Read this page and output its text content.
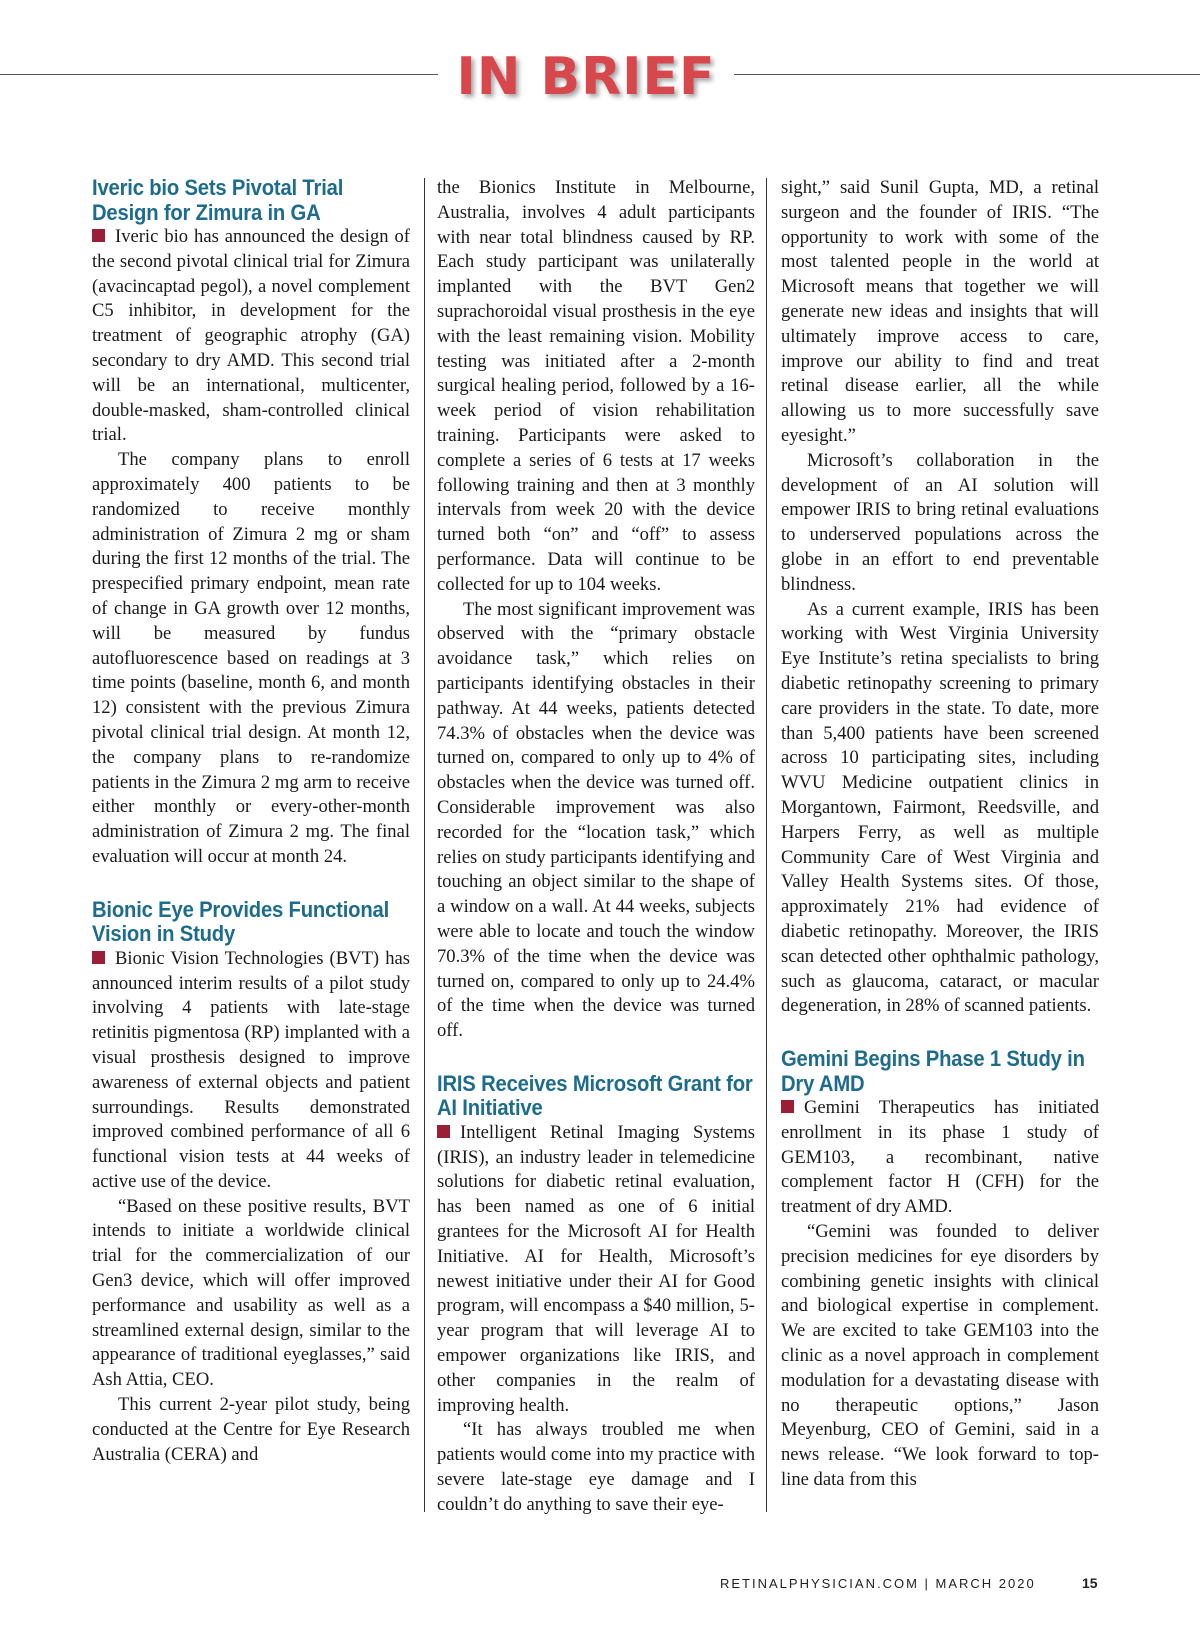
IN BRIEF
Iveric bio Sets Pivotal Trial Design for Zimura in GA

Iveric bio has announced the design of the second pivotal clinical trial for Zimura (avacincaptad pegol), a novel complement C5 inhibitor, in development for the treatment of geographic atrophy (GA) secondary to dry AMD. This second trial will be an international, multicenter, double-masked, sham-controlled clinical trial.

The company plans to enroll approximately 400 patients to be randomized to receive monthly administration of Zimura 2 mg or sham during the first 12 months of the trial. The prespecified primary endpoint, mean rate of change in GA growth over 12 months, will be measured by fundus autofluorescence based on readings at 3 time points (baseline, month 6, and month 12) consistent with the previous Zimura pivotal clinical trial design. At month 12, the company plans to re-randomize patients in the Zimura 2 mg arm to receive either monthly or every-other-month administration of Zimura 2 mg. The final evaluation will occur at month 24.

Bionic Eye Provides Functional Vision in Study

Bionic Vision Technologies (BVT) has announced interim results of a pilot study involving 4 patients with late-stage retinitis pigmentosa (RP) implanted with a visual prosthesis designed to improve awareness of external objects and patient surroundings. Results demonstrated improved combined performance of all 6 functional vision tests at 44 weeks of active use of the device.

“Based on these positive results, BVT intends to initiate a worldwide clinical trial for the commercialization of our Gen3 device, which will offer improved performance and usability as well as a streamlined external design, similar to the appearance of traditional eyeglasses,” said Ash Attia, CEO.

This current 2-year pilot study, being conducted at the Centre for Eye Research Australia (CERA) and

the Bionics Institute in Melbourne, Australia, involves 4 adult participants with near total blindness caused by RP. Each study participant was unilaterally implanted with the BVT Gen2 suprachoroidal visual prosthesis in the eye with the least remaining vision. Mobility testing was initiated after a 2-month surgical healing period, followed by a 16-week period of vision rehabilitation training. Participants were asked to complete a series of 6 tests at 17 weeks following training and then at 3 monthly intervals from week 20 with the device turned both “on” and “off” to assess performance. Data will continue to be collected for up to 104 weeks.

The most significant improvement was observed with the “primary obstacle avoidance task,” which relies on participants identifying obstacles in their pathway. At 44 weeks, patients detected 74.3% of obstacles when the device was turned on, compared to only up to 4% of obstacles when the device was turned off. Considerable improvement was also recorded for the “location task,” which relies on study participants identifying and touching an object similar to the shape of a window on a wall. At 44 weeks, subjects were able to locate and touch the window 70.3% of the time when the device was turned on, compared to only up to 24.4% of the time when the device was turned off.

IRIS Receives Microsoft Grant for AI Initiative

Intelligent Retinal Imaging Systems (IRIS), an industry leader in telemedicine solutions for diabetic retinal evaluation, has been named as one of 6 initial grantees for the Microsoft AI for Health Initiative. AI for Health, Microsoft’s newest initiative under their AI for Good program, will encompass a $40 million, 5-year program that will leverage AI to empower organizations like IRIS, and other companies in the realm of improving health.

“It has always troubled me when patients would come into my practice with severe late-stage eye damage and I couldn’t do anything to save their eye-

sight,” said Sunil Gupta, MD, a retinal surgeon and the founder of IRIS. “The opportunity to work with some of the most talented people in the world at Microsoft means that together we will generate new ideas and insights that will ultimately improve access to care, improve our ability to find and treat retinal disease earlier, all the while allowing us to more successfully save eyesight.”

Microsoft’s collaboration in the development of an AI solution will empower IRIS to bring retinal evaluations to underserved populations across the globe in an effort to end preventable blindness.

As a current example, IRIS has been working with West Virginia University Eye Institute’s retina specialists to bring diabetic retinopathy screening to primary care providers in the state. To date, more than 5,400 patients have been screened across 10 participating sites, including WVU Medicine outpatient clinics in Morgantown, Fairmont, Reedsville, and Harpers Ferry, as well as multiple Community Care of West Virginia and Valley Health Systems sites. Of those, approximately 21% had evidence of diabetic retinopathy. Moreover, the IRIS scan detected other ophthalmic pathology, such as glaucoma, cataract, or macular degeneration, in 28% of scanned patients.

Gemini Begins Phase 1 Study in Dry AMD

Gemini Therapeutics has initiated enrollment in its phase 1 study of GEM103, a recombinant, native complement factor H (CFH) for the treatment of dry AMD.

“Gemini was founded to deliver precision medicines for eye disorders by combining genetic insights with clinical and biological expertise in complement. We are excited to take GEM103 into the clinic as a novel approach in complement modulation for a devastating disease with no therapeutic options,” Jason Meyenburg, CEO of Gemini, said in a news release. “We look forward to top-line data from this

RETINALPHYSICIAN.COM | MARCH 2020	15
